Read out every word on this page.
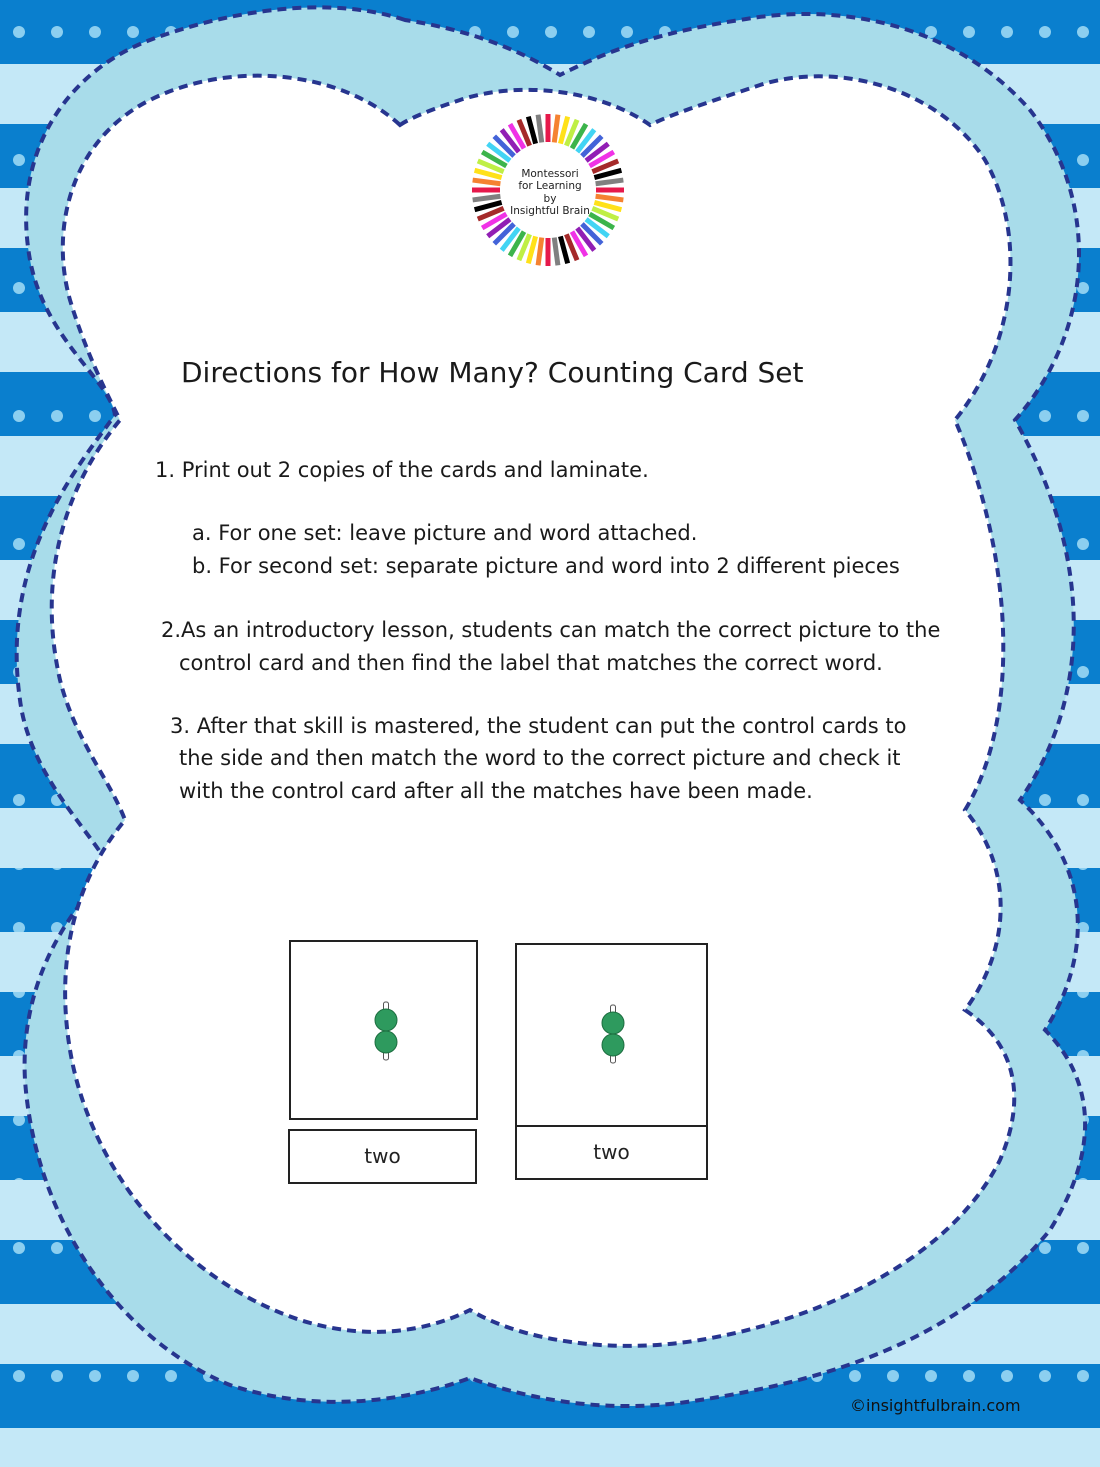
Montessori
for Learning
by
Insightful Brain
Directions for How Many? Counting Card Set
1. Print out 2 copies of the cards and laminate.
a. For one set: leave picture and word attached.
b. For second set: separate picture and word into 2 different pieces
2.As an introductory lesson, students can match the correct picture to the
control card and then find the label that matches the correct word.
3. After that skill is mastered, the student can put the control cards to
the side and then match the word to the correct picture and check it
with the control card after all the matches have been made.
two	two
©insightfulbrain.com
